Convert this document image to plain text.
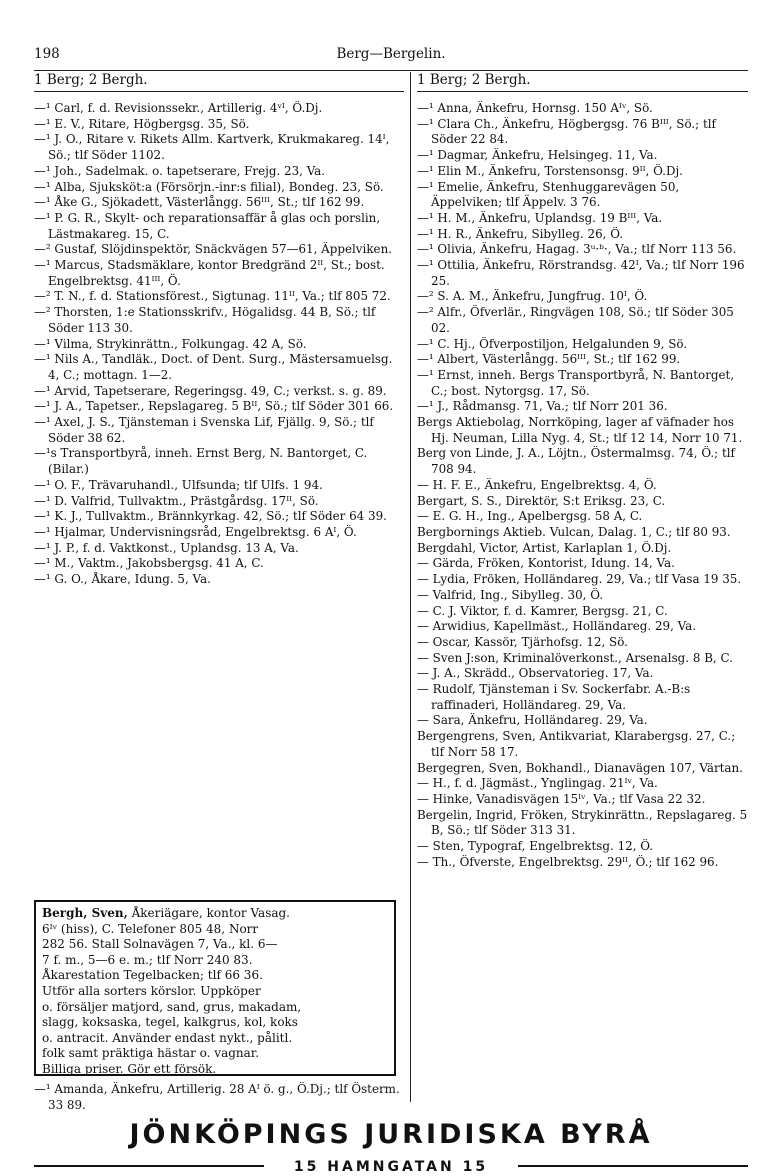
198	Berg—Bergelin.
1 Berg; 2 Bergh.	1 Berg; 2 Bergh.

—¹ Carl, f. d. Revisionssekr., Artillerig. 4ᵛᴵ, Ö.Dj.

—¹ E. V., Ritare, Högbergsg. 35, Sö.

—¹ J. O., Ritare v. Rikets Allm. Kartverk, Krukmakareg. 14ᴵ, Sö.; tlf Söder 1102.

—¹ Joh., Sadelmak. o. tapetserare, Frejg. 23, Va.

—¹ Alba, Sjuksköt:a (Försörjn.-inr:s filial), Bondeg. 23, Sö.

—¹ Åke G., Sjökadett, Västerlångg. 56ᴵᴵᴵ, St.; tlf 162 99.

—¹ P. G. R., Skylt- och reparationsaffär å glas och porslin, Lästmakareg. 15, C.

—² Gustaf, Slöjdinspektör, Snäckvägen 57—61, Äppelviken.

—¹ Marcus, Stadsmäklare, kontor Bredgränd 2ᴵᴵ, St.; bost. Engelbrektsg. 41ᴵᴵᴵ, Ö.

—² T. N., f. d. Stationsförest., Sigtunag. 11ᴵᴵ, Va.; tlf 805 72.

—² Thorsten, 1:e Stationsskrifv., Högalidsg. 44 B, Sö.; tlf Söder 113 30.

—¹ Vilma, Strykinrättn., Folkungag. 42 A, Sö.

—¹ Nils A., Tandläk., Doct. of Dent. Surg., Mästersamuelsg. 4, C.; mottagn. 1—2.

—¹ Arvid, Tapetserare, Regeringsg. 49, C.; verkst. s. g. 89.

—¹ J. A., Tapetser., Repslagareg. 5 Bᴵᴵ, Sö.; tlf Söder 301 66.

—¹ Axel, J. S., Tjänsteman i Svenska Lif, Fjällg. 9, Sö.; tlf Söder 38 62.

—¹s Transportbyrå, inneh. Ernst Berg, N. Bantorget, C. (Bilar.)

—¹ O. F., Trävaruhandl., Ulfsunda; tlf Ulfs. 1 94.

—¹ D. Valfrid, Tullvaktm., Prästgårdsg. 17ᴵᴵ, Sö.

—¹ K. J., Tullvaktm., Brännkyrkag. 42, Sö.; tlf Söder 64 39.

—¹ Hjalmar, Undervisningsråd, Engelbrektsg. 6 Aᴵ, Ö.

—¹ J. P., f. d. Vaktkonst., Uplandsg. 13 A, Va.

—¹ M., Vaktm., Jakobsbergsg. 41 A, C.

—¹ G. O., Åkare, Idung. 5, Va.

Bergh, Sven, Åkeriägare, kontor Vasag.

6ᴵᵛ (hiss), C. Telefoner 805 48, Norr

282 56. Stall Solnavägen 7, Va., kl. 6—

7 f. m., 5—6 e. m.; tlf Norr 240 83.

Åkarestation Tegelbacken; tlf 66 36.

Utför alla sorters körslor. Uppköper

o. försäljer matjord, sand, grus, makadam,

slagg, koksaska, tegel, kalkgrus, kol, koks

o. antracit. Använder endast nykt., pålitl.

folk samt präktiga hästar o. vagnar.

Billiga priser. Gör ett försök.

—¹ Amanda, Änkefru, Artillerig. 28 Aᴵ ö. g., Ö.Dj.; tlf Österm. 33 89.

—¹ Anna, Änkefru, Hornsg. 150 Aᴵᵛ, Sö.

—¹ Clara Ch., Änkefru, Högbergsg. 76 Bᴵᴵᴵ, Sö.; tlf Söder 22 84.

—¹ Dagmar, Änkefru, Helsingeg. 11, Va.

—¹ Elin M., Änkefru, Torstensonsg. 9ᴵᴵ, Ö.Dj.

—¹ Emelie, Änkefru, Stenhuggarevägen 50, Äppelviken; tlf Äppelv. 3 76.

—¹ H. M., Änkefru, Uplandsg. 19 Bᴵᴵᴵ, Va.

—¹ H. R., Änkefru, Sibylleg. 26, Ö.

—¹ Olivia, Änkefru, Hagag. 3ᵘ·ᵇ·, Va.; tlf Norr 113 56.

—¹ Ottilia, Änkefru, Rörstrandsg. 42ᴵ, Va.; tlf Norr 196 25.

—² S. A. M., Änkefru, Jungfrug. 10ᴵ, Ö.

—² Alfr., Öfverlär., Ringvägen 108, Sö.; tlf Söder 305 02.

—¹ C. Hj., Öfverpostiljon, Helgalunden 9, Sö.

—¹ Albert, Västerlångg. 56ᴵᴵᴵ, St.; tlf 162 99.

—¹ Ernst, inneh. Bergs Transportbyrå, N. Bantorget, C.; bost. Nytorgsg. 17, Sö.

—¹ J., Rådmansg. 71, Va.; tlf Norr 201 36.

Bergs Aktiebolag, Norrköping, lager af väfnader hos Hj. Neuman, Lilla Nyg. 4, St.; tlf 12 14, Norr 10 71.

Berg von Linde, J. A., Löjtn., Östermalmsg. 74, Ö.; tlf 708 94.

— H. F. E., Änkefru, Engelbrektsg. 4, Ö.

Bergart, S. S., Direktör, S:t Eriksg. 23, C.

— E. G. H., Ing., Apelbergsg. 58 A, C.

Bergbornings Aktieb. Vulcan, Dalag. 1, C.; tlf 80 93.

Bergdahl, Victor, Artist, Karlaplan 1, Ö.Dj.

— Gärda, Fröken, Kontorist, Idung. 14, Va.

— Lydia, Fröken, Holländareg. 29, Va.; tlf Vasa 19 35.

— Valfrid, Ing., Sibylleg. 30, Ö.

— C. J. Viktor, f. d. Kamrer, Bergsg. 21, C.

— Arwidius, Kapellmäst., Holländareg. 29, Va.

— Oscar, Kassör, Tjärhofsg. 12, Sö.

— Sven J:son, Kriminalöverkonst., Arsenalsg. 8 B, C.

— J. A., Skrädd., Observatorieg. 17, Va.

— Rudolf, Tjänsteman i Sv. Sockerfabr. A.-B:s raffinaderi, Holländareg. 29, Va.

— Sara, Änkefru, Holländareg. 29, Va.

Bergengrens, Sven, Antikvariat, Klarabergsg. 27, C.; tlf Norr 58 17.

Bergegren, Sven, Bokhandl., Dianavägen 107, Värtan.

— H., f. d. Jägmäst., Ynglingag. 21ᴵᵛ, Va.

— Hinke, Vanadisvägen 15ᴵᵛ, Va.; tlf Vasa 22 32.

Bergelin, Ingrid, Fröken, Strykinrättn., Repslagareg. 5 B, Sö.; tlf Söder 313 31.

— Sten, Typograf, Engelbrektsg. 12, Ö.

— Th., Öfverste, Engelbrektsg. 29ᴵᴵ, Ö.; tlf 162 96.

JÖNKÖPINGS JURIDISKA BYRÅ
15 HAMNGATAN 15
